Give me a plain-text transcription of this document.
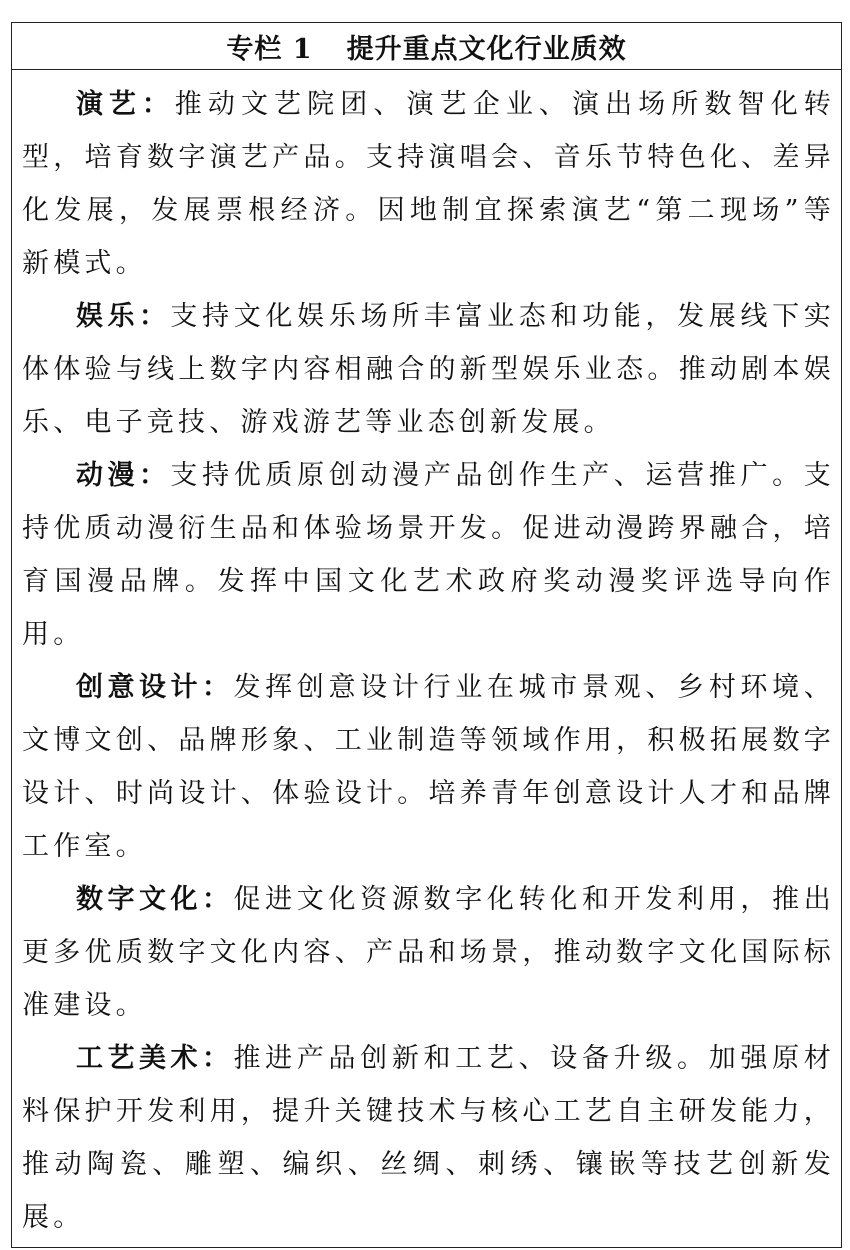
专栏 1 提升重点文化行业质效

演艺：推动文艺院团、演艺企业、演出场所数智化转型，培育数字演艺产品。支持演唱会、音乐节特色化、差异化发展，发展票根经济。因地制宜探索演艺“第二现场”等新模式。

娱乐：支持文化娱乐场所丰富业态和功能，发展线下实体体验与线上数字内容相融合的新型娱乐业态。推动剧本娱乐、电子竞技、游戏游艺等业态创新发展。

动漫：支持优质原创动漫产品创作生产、运营推广。支持优质动漫衍生品和体验场景开发。促进动漫跨界融合，培育国漫品牌。发挥中国文化艺术政府奖动漫奖评选导向作用。

创意设计：发挥创意设计行业在城市景观、乡村环境、文博文创、品牌形象、工业制造等领域作用，积极拓展数字设计、时尚设计、体验设计。培养青年创意设计人才和品牌工作室。

数字文化：促进文化资源数字化转化和开发利用，推出更多优质数字文化内容、产品和场景，推动数字文化国际标准建设。

工艺美术：推进产品创新和工艺、设备升级。加强原材料保护开发利用，提升关键技术与核心工艺自主研发能力，推动陶瓷、雕塑、编织、丝绸、刺绣、镶嵌等技艺创新发展。
